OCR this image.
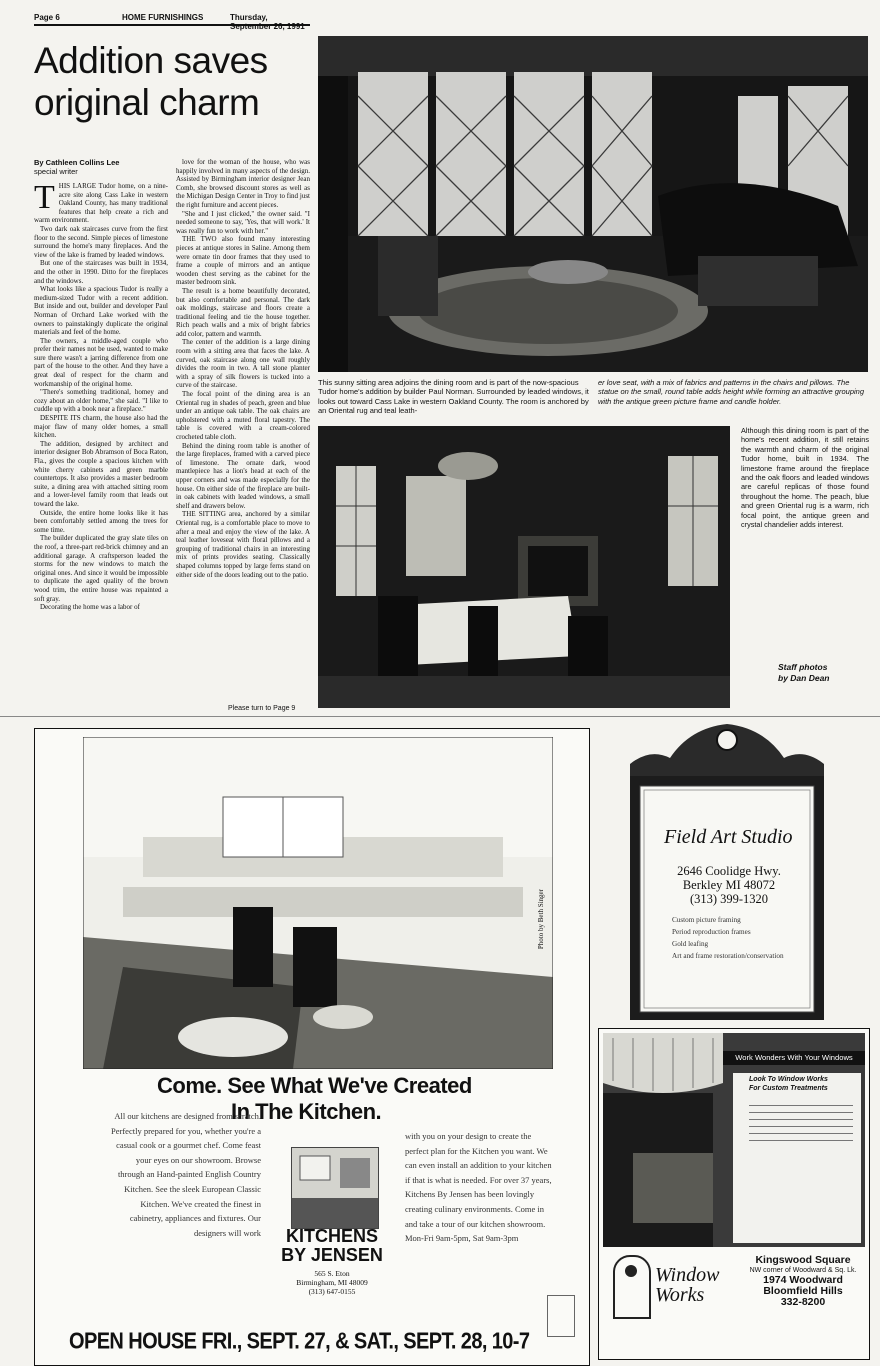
Page 6	HOME FURNISHINGS	Thursday, September 26, 1991
Addition saves
original charm
By Cathleen Collins Lee
special writer

THIS LARGE Tudor home, on a nine-acre site along Cass Lake in western Oakland County, has many traditional features that help create a rich and warm environment.

Two dark oak staircases curve from the first floor to the second. Simple pieces of limestone surround the home's many fireplaces. And the view of the lake is framed by leaded windows.

But one of the staircases was built in 1934, and the other in 1990. Ditto for the fireplaces and the windows.

What looks like a spacious Tudor is really a medium-sized Tudor with a recent addition. But inside and out, builder and developer Paul Norman of Orchard Lake worked with the owners to painstakingly duplicate the original materials and feel of the home.

The owners, a middle-aged couple who prefer their names not be used, wanted to make sure there wasn't a jarring difference from one part of the house to the other. And they have a great deal of respect for the charm and workmanship of the original home.

"There's something traditional, homey and cozy about an older home," she said. "I like to cuddle up with a book near a fireplace."

DESPITE ITS charm, the house also had the major flaw of many older homes, a small kitchen.

The addition, designed by architect and interior designer Bob Abramson of Boca Raton, Fla., gives the couple a spacious kitchen with white cherry cabinets and green marble countertops. It also provides a master bedroom suite, a dining area with attached sitting room and a lower-level family room that leads out toward the lake.

Outside, the entire home looks like it has been comfortably settled among the trees for some time.

The builder duplicated the gray slate tiles on the roof, a three-part red-brick chimney and an additional garage. A craftsperson leaded the storms for the new windows to match the original ones. And since it would be impossible to duplicate the aged quality of the brown wood trim, the entire house was repainted a soft gray.

Decorating the home was a labor of

love for the woman of the house, who was happily involved in many aspects of the design. Assisted by Birmingham interior designer Jean Comb, she browsed discount stores as well as the Michigan Design Center in Troy to find just the right furniture and accent pieces.

"She and I just clicked," the owner said. "I needed someone to say, 'Yes, that will work.' It was really fun to work with her."

THE TWO also found many interesting pieces at antique stores in Saline. Among them were ornate tin door frames that they used to frame a couple of mirrors and an antique wooden chest serving as the cabinet for the master bedroom sink.

The result is a home beautifully decorated, but also comfortable and personal. The dark oak moldings, staircase and floors create a traditional feeling and tie the house together. Rich peach walls and a mix of bright fabrics add color, pattern and warmth.

The center of the addition is a large dining room with a sitting area that faces the lake. A curved, oak staircase along one wall roughly divides the room in two. A tall stone planter with a spray of silk flowers is tucked into a curve of the staircase.

The focal point of the dining area is an Oriental rug in shades of peach, green and blue under an antique oak table. The oak chairs are upholstered with a muted floral tapestry. The table is covered with a cream-colored crocheted table cloth.

Behind the dining room table is another of the large fireplaces, framed with a carved piece of limestone. The ornate dark, wood mantlepiece has a lion's head at each of the upper corners and was made especially for the house. On either side of the fireplace are built-in oak cabinets with leaded windows, a small shelf and drawers below.

THE SITTING area, anchored by a similar Oriental rug, is a comfortable place to move to after a meal and enjoy the view of the lake. A teal leather loveseat with floral pillows and a grouping of traditional chairs in an interesting mix of prints provides seating. Classically shaped columns topped by large ferns stand on either side of the doors leading out to the patio.

Please turn to Page 9
This sunny sitting area adjoins the dining room and is part of the now-spacious Tudor home's addition by builder Paul Norman. Surrounded by leaded windows, it looks out toward Cass Lake in western Oakland County. The room is anchored by an Oriental rug and teal leath-
er love seat, with a mix of fabrics and patterns in the chairs and pillows. The statue on the small, round table adds height while forming an attractive grouping with the antique green picture frame and candle holder.
Although this dining room is part of the home's recent addition, it still retains the warmth and charm of the original Tudor home, built in 1934. The limestone frame around the fireplace and the oak floors and leaded windows are careful replicas of those found throughout the home. The peach, blue and green Oriental rug is a warm, rich focal point, the antique green and crystal chandelier adds interest.
Staff photos
by Dan Dean
Photo by Beth Singer
Come. See What We've Created
In The Kitchen.
All our kitchens are designed from scratch. Perfectly prepared for you, whether you're a casual cook or a gourmet chef. Come feast your eyes on our showroom. Browse through an Hand-painted English Country Kitchen. See the sleek European Classic Kitchen. We've created the finest in cabinetry, appliances and fixtures. Our designers will work
with you on your design to create the perfect plan for the Kitchen you want. We can even install an addition to your kitchen if that is what is needed. For over 37 years, Kitchens By Jensen has been lovingly creating culinary environments. Come in and take a tour of our kitchen showroom. Mon-Fri 9am-5pm, Sat 9am-3pm
KITCHENS
BY JENSEN
565 S. Eton
Birmingham, MI 48009
(313) 647-0155
OPEN HOUSE FRI., SEPT. 27, & SAT., SEPT. 28, 10-7
Field Art Studio
2646 Coolidge Hwy.
Berkley MI 48072
(313) 399-1320
Custom picture framing
Period reproduction frames
Gold leafing
Art and frame restoration/conservation
Work Wonders With Your Windows
Look To Window Works
For Custom Treatments
Window
Works
Kingswood Square
NW corner of Woodward & Sq. Lk.
1974 Woodward
Bloomfield Hills
332-8200
